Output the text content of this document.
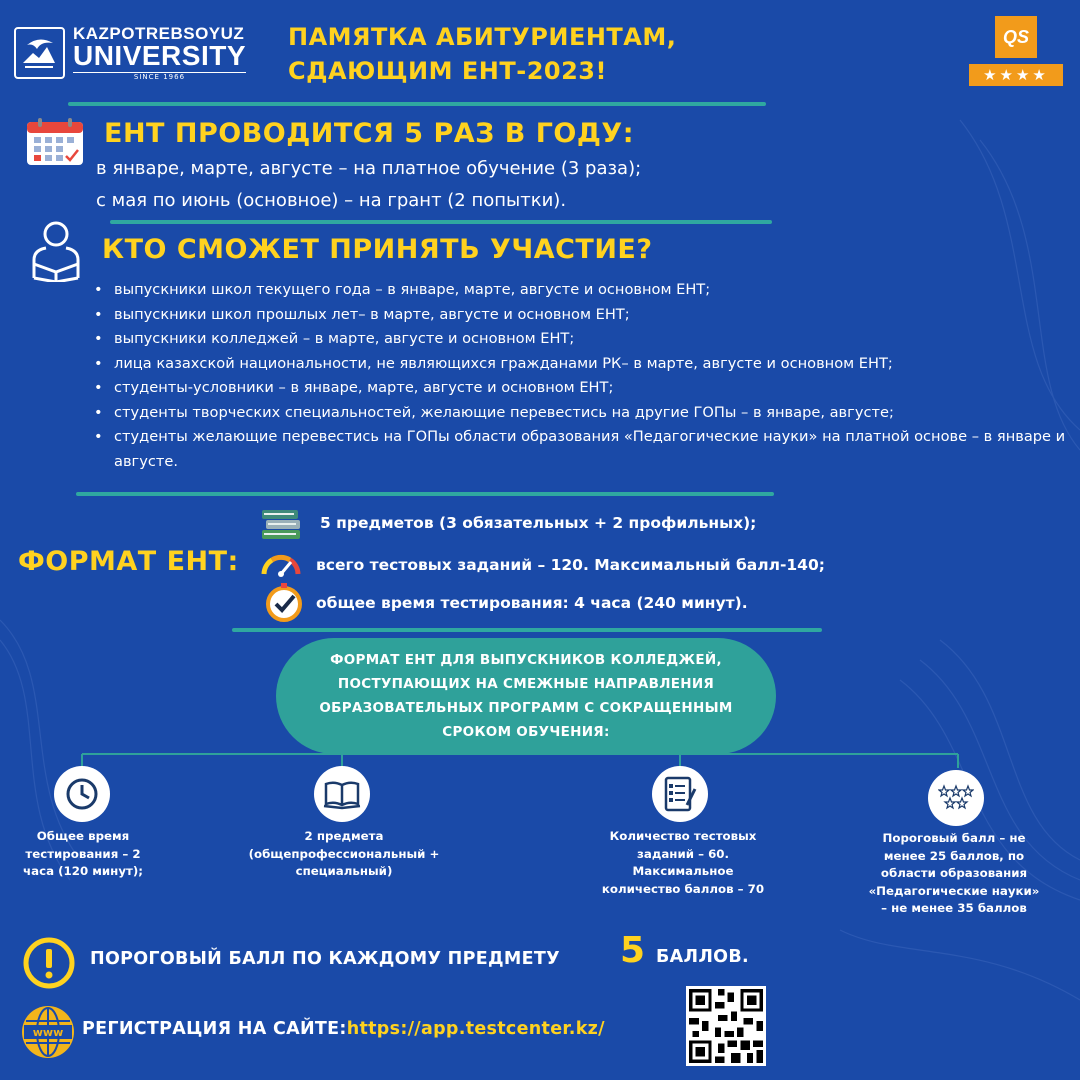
KAZPOTREBSOYUZ
UNIVERSITY
SINCE 1966
ПАМЯТКА АБИТУРИЕНТАМ,
СДАЮЩИМ ЕНТ-2023!
QS
★★★★
ЕНТ ПРОВОДИТСЯ 5 РАЗ В ГОДУ:
в январе, марте, августе – на платное обучение (3 раза);
с мая по июнь (основное) – на грант (2 попытки).
КТО СМОЖЕТ ПРИНЯТЬ УЧАСТИЕ?
• выпускники школ текущего года – в январе, марте, августе и основном ЕНТ;
• выпускники школ прошлых лет– в марте, августе и основном ЕНТ;
• выпускники колледжей – в марте, августе и основном ЕНТ;
• лица казахской национальности, не являющихся гражданами РК– в марте, августе и основном ЕНТ;
• студенты-условники – в январе, марте, августе и основном ЕНТ;
• студенты творческих специальностей, желающие перевестись на другие ГОПы – в январе, августе;
• студенты желающие перевестись на ГОПы области образования «Педагогические науки» на платной основе – в январе и августе.
ФОРМАТ ЕНТ:
5 предметов (3 обязательных + 2 профильных);
всего тестовых заданий – 120. Максимальный балл-140;
общее время тестирования: 4 часа (240 минут).
ФОРМАТ ЕНТ ДЛЯ ВЫПУСКНИКОВ КОЛЛЕДЖЕЙ, ПОСТУПАЮЩИХ НА СМЕЖНЫЕ НАПРАВЛЕНИЯ ОБРАЗОВАТЕЛЬНЫХ ПРОГРАММ С СОКРАЩЕННЫМ СРОКОМ ОБУЧЕНИЯ:
Общее время тестирования – 2 часа (120 минут);
2 предмета (общепрофессиональный + специальный)
Количество тестовых заданий – 60. Максимальное количество баллов – 70
Пороговый балл – не менее 25 баллов, по области образования «Педагогические науки» – не менее 35 баллов
ПОРОГОВЫЙ БАЛЛ ПО КАЖДОМУ ПРЕДМЕТУ 5 БАЛЛОВ.
www РЕГИСТРАЦИЯ НА САЙТЕ:https://app.testcenter.kz/
